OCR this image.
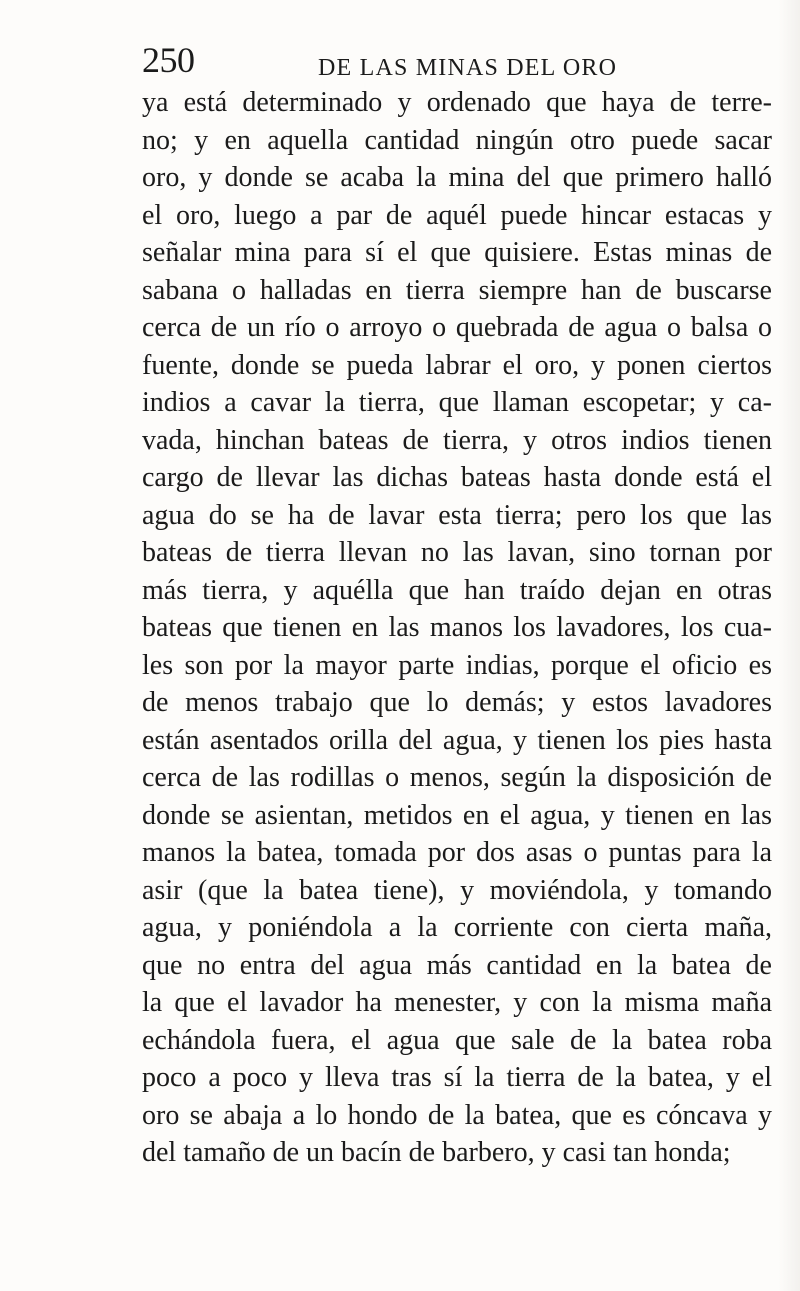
250	DE LAS MINAS DEL ORO
ya está determinado y ordenado que haya de terre-
no; y en aquella cantidad ningún otro puede sacar
oro, y donde se acaba la mina del que primero halló
el oro, luego a par de aquél puede hincar estacas y
señalar mina para sí el que quisiere. Estas minas de
sabana o halladas en tierra siempre han de buscarse
cerca de un río o arroyo o quebrada de agua o balsa o
fuente, donde se pueda labrar el oro, y ponen ciertos
indios a cavar la tierra, que llaman escopetar; y ca-
vada, hinchan bateas de tierra, y otros indios tienen
cargo de llevar las dichas bateas hasta donde está el
agua do se ha de lavar esta tierra; pero los que las
bateas de tierra llevan no las lavan, sino tornan por
más tierra, y aquélla que han traído dejan en otras
bateas que tienen en las manos los lavadores, los cua-
les son por la mayor parte indias, porque el oficio es
de menos trabajo que lo demás; y estos lavadores
están asentados orilla del agua, y tienen los pies hasta
cerca de las rodillas o menos, según la disposición de
donde se asientan, metidos en el agua, y tienen en las
manos la batea, tomada por dos asas o puntas para la
asir (que la batea tiene), y moviéndola, y tomando
agua, y poniéndola a la corriente con cierta maña,
que no entra del agua más cantidad en la batea de
la que el lavador ha menester, y con la misma maña
echándola fuera, el agua que sale de la batea roba
poco a poco y lleva tras sí la tierra de la batea, y el
oro se abaja a lo hondo de la batea, que es cóncava y
del tamaño de un bacín de barbero, y casi tan honda;
